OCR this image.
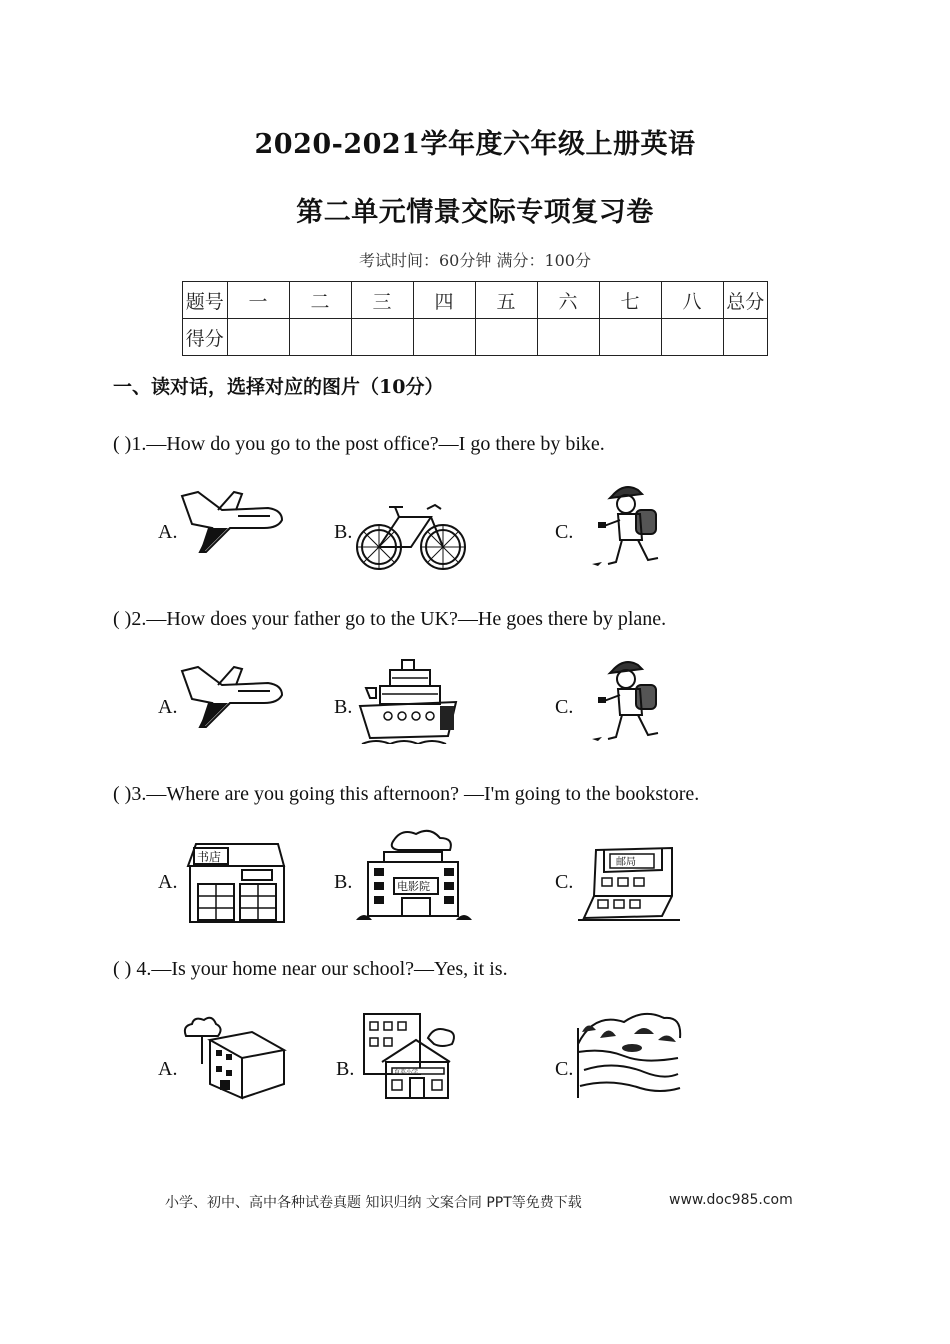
2020-2021学年度六年级上册英语
第二单元情景交际专项复习卷
考试时间：60分钟 满分：100分
题号	一	二	三	四	五	六	七	八	总分
得分									
一、读对话，选择对应的图片（10分）
( )1.—How do you go to the post office?—I go there by bike.
A.	B.	C.
( )2.—How does your father go to the UK?—He goes there by plane.
A.	B.	C.
( )3.—Where are you going this afternoon? —I'm going to the bookstore.
A.	B.	C.
书店
电影院
邮局
( ) 4.—Is your home near our school?—Yes, it is.
A.	B.	C.
育英小学
小学、初中、高中各种试卷真题 知识归纳 文案合同 PPT等免费下载	www.doc985.com
